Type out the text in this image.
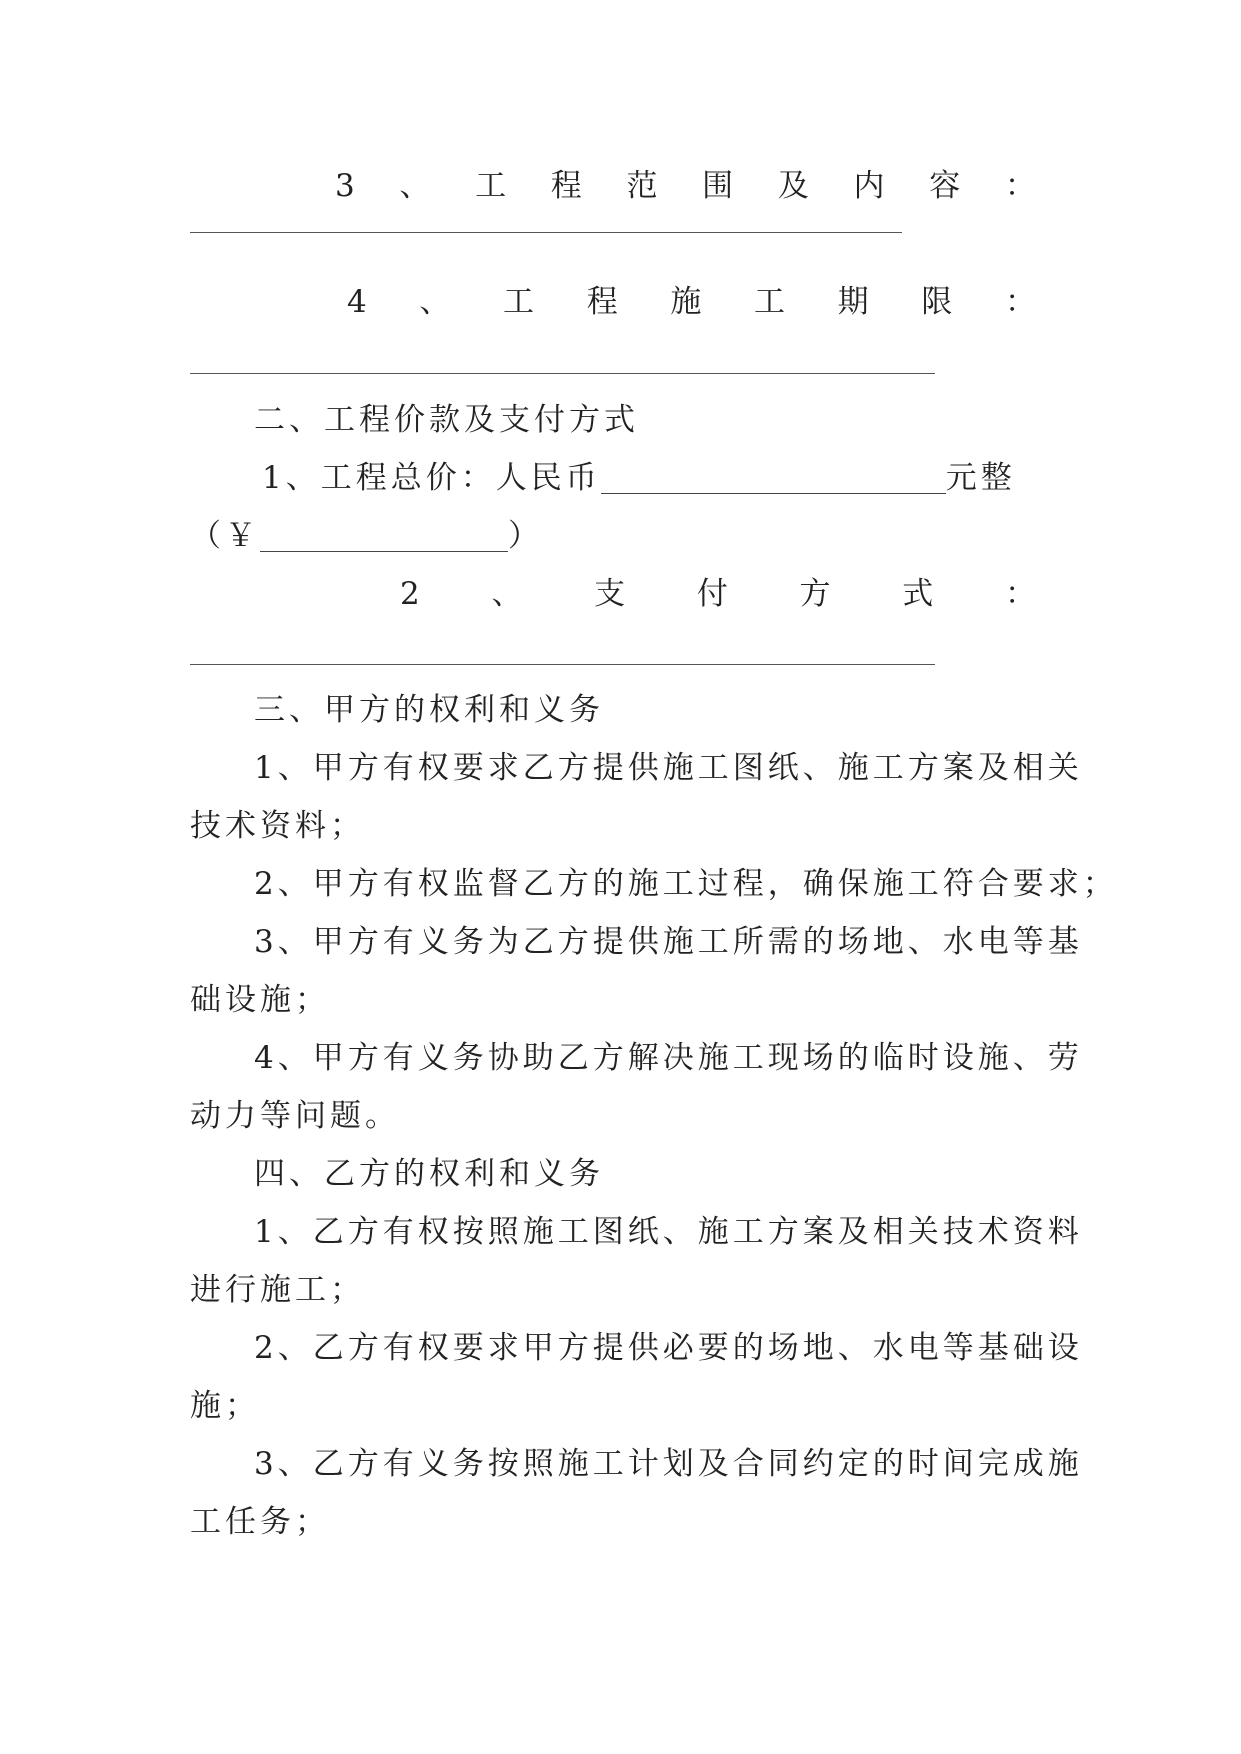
3 、 工 程 范 围 及 内 容 ：
4 、 工 程 施 工 期 限 ：
二、工程价款及支付方式
1、工程总价：人民币	元整
（￥	）
2 、 支 付 方 式 ：
三、甲方的权利和义务
1、甲方有权要求乙方提供施工图纸、施工方案及相关
技术资料；
2、甲方有权监督乙方的施工过程，确保施工符合要求；
3、甲方有义务为乙方提供施工所需的场地、水电等基
础设施；
4、甲方有义务协助乙方解决施工现场的临时设施、劳
动力等问题。
四、乙方的权利和义务
1、乙方有权按照施工图纸、施工方案及相关技术资料
进行施工；
2、乙方有权要求甲方提供必要的场地、水电等基础设
施；
3、乙方有义务按照施工计划及合同约定的时间完成施
工任务；
